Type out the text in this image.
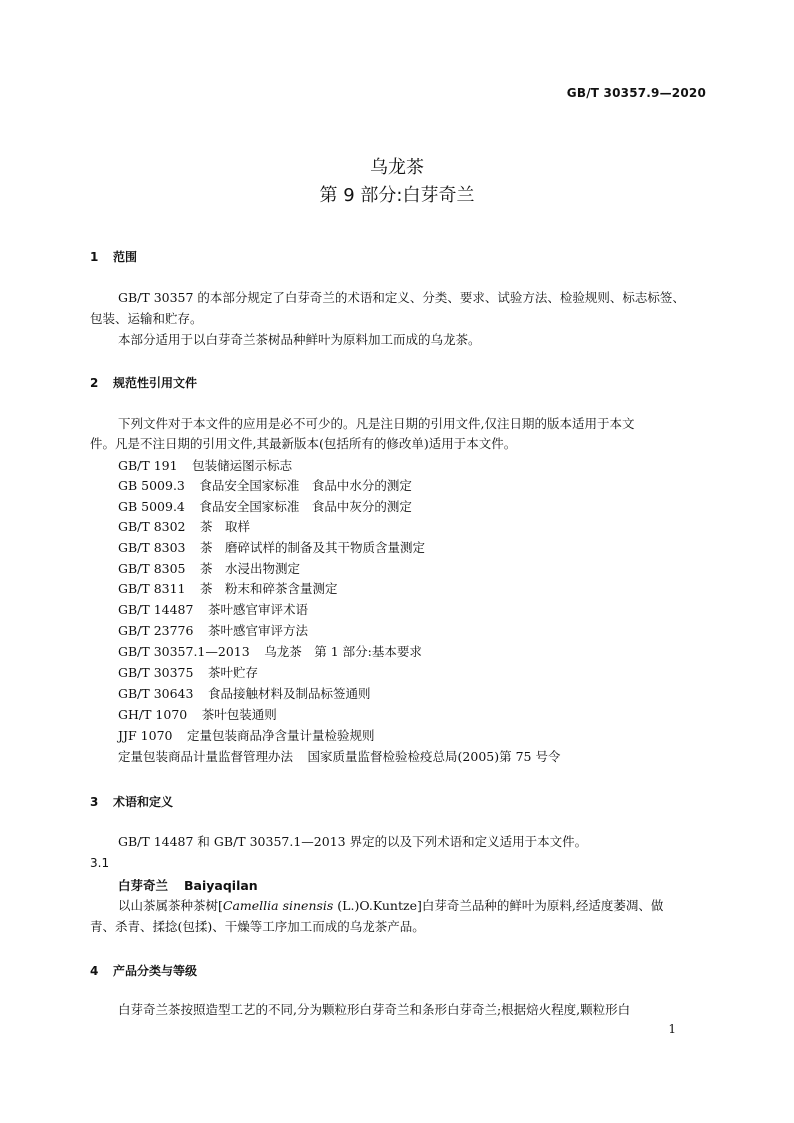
GB/T 30357.9—2020
乌龙茶
第 9 部分:白芽奇兰
1 范围
GB/T 30357 的本部分规定了白芽奇兰的术语和定义、分类、要求、试验方法、检验规则、标志标签、
包装、运输和贮存。
本部分适用于以白芽奇兰茶树品种鲜叶为原料加工而成的乌龙茶。
2 规范性引用文件
下列文件对于本文件的应用是必不可少的。凡是注日期的引用文件,仅注日期的版本适用于本文
件。凡是不注日期的引用文件,其最新版本(包括所有的修改单)适用于本文件。
GB/T 191　 包装储运图示标志
GB 5009.3　 食品安全国家标准　食品中水分的测定
GB 5009.4　 食品安全国家标准　食品中灰分的测定
GB/T 8302　 茶　取样
GB/T 8303　 茶　磨碎试样的制备及其干物质含量测定
GB/T 8305　 茶　水浸出物测定
GB/T 8311　 茶　粉末和碎茶含量测定
GB/T 14487　 茶叶感官审评术语
GB/T 23776　 茶叶感官审评方法
GB/T 30357.1—2013　 乌龙茶　第 1 部分:基本要求
GB/T 30375　 茶叶贮存
GB/T 30643　 食品接触材料及制品标签通则
GH/T 1070　 茶叶包装通则
JJF 1070　 定量包装商品净含量计量检验规则
定量包装商品计量监督管理办法　 国家质量监督检验检疫总局(2005)第 75 号令
3 术语和定义
GB/T 14487 和 GB/T 30357.1—2013 界定的以及下列术语和定义适用于本文件。
3.1
白芽奇兰 Baiyaqilan
以山茶属茶种茶树[Camellia sinensis (L.)O.Kuntze]白芽奇兰品种的鲜叶为原料,经适度萎凋、做
青、杀青、揉捻(包揉)、干燥等工序加工而成的乌龙茶产品。
4 产品分类与等级
白芽奇兰茶按照造型工艺的不同,分为颗粒形白芽奇兰和条形白芽奇兰;根据焙火程度,颗粒形白
1
